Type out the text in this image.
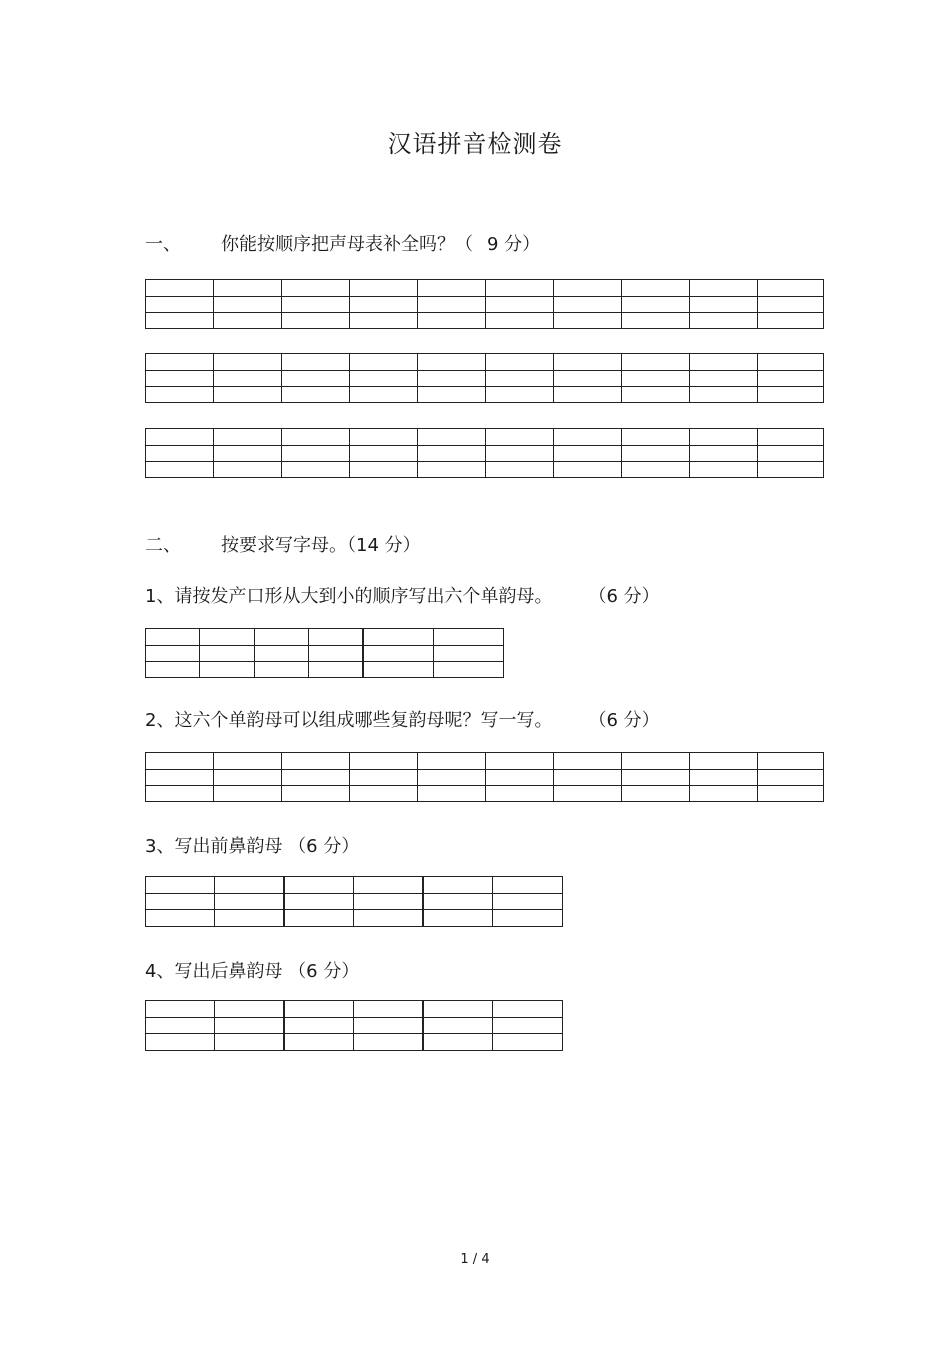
汉语拼音检测卷
一、 你能按顺序把声母表补全吗？（ 9 分）
二、 按要求写字母。（14 分）
1、请按发产口形从大到小的顺序写出六个单韵母。 （6 分）
2、这六个单韵母可以组成哪些复韵母呢？写一写。 （6 分）
3、写出前鼻韵母 （6 分）
4、写出后鼻韵母 （6 分）
1 / 4
